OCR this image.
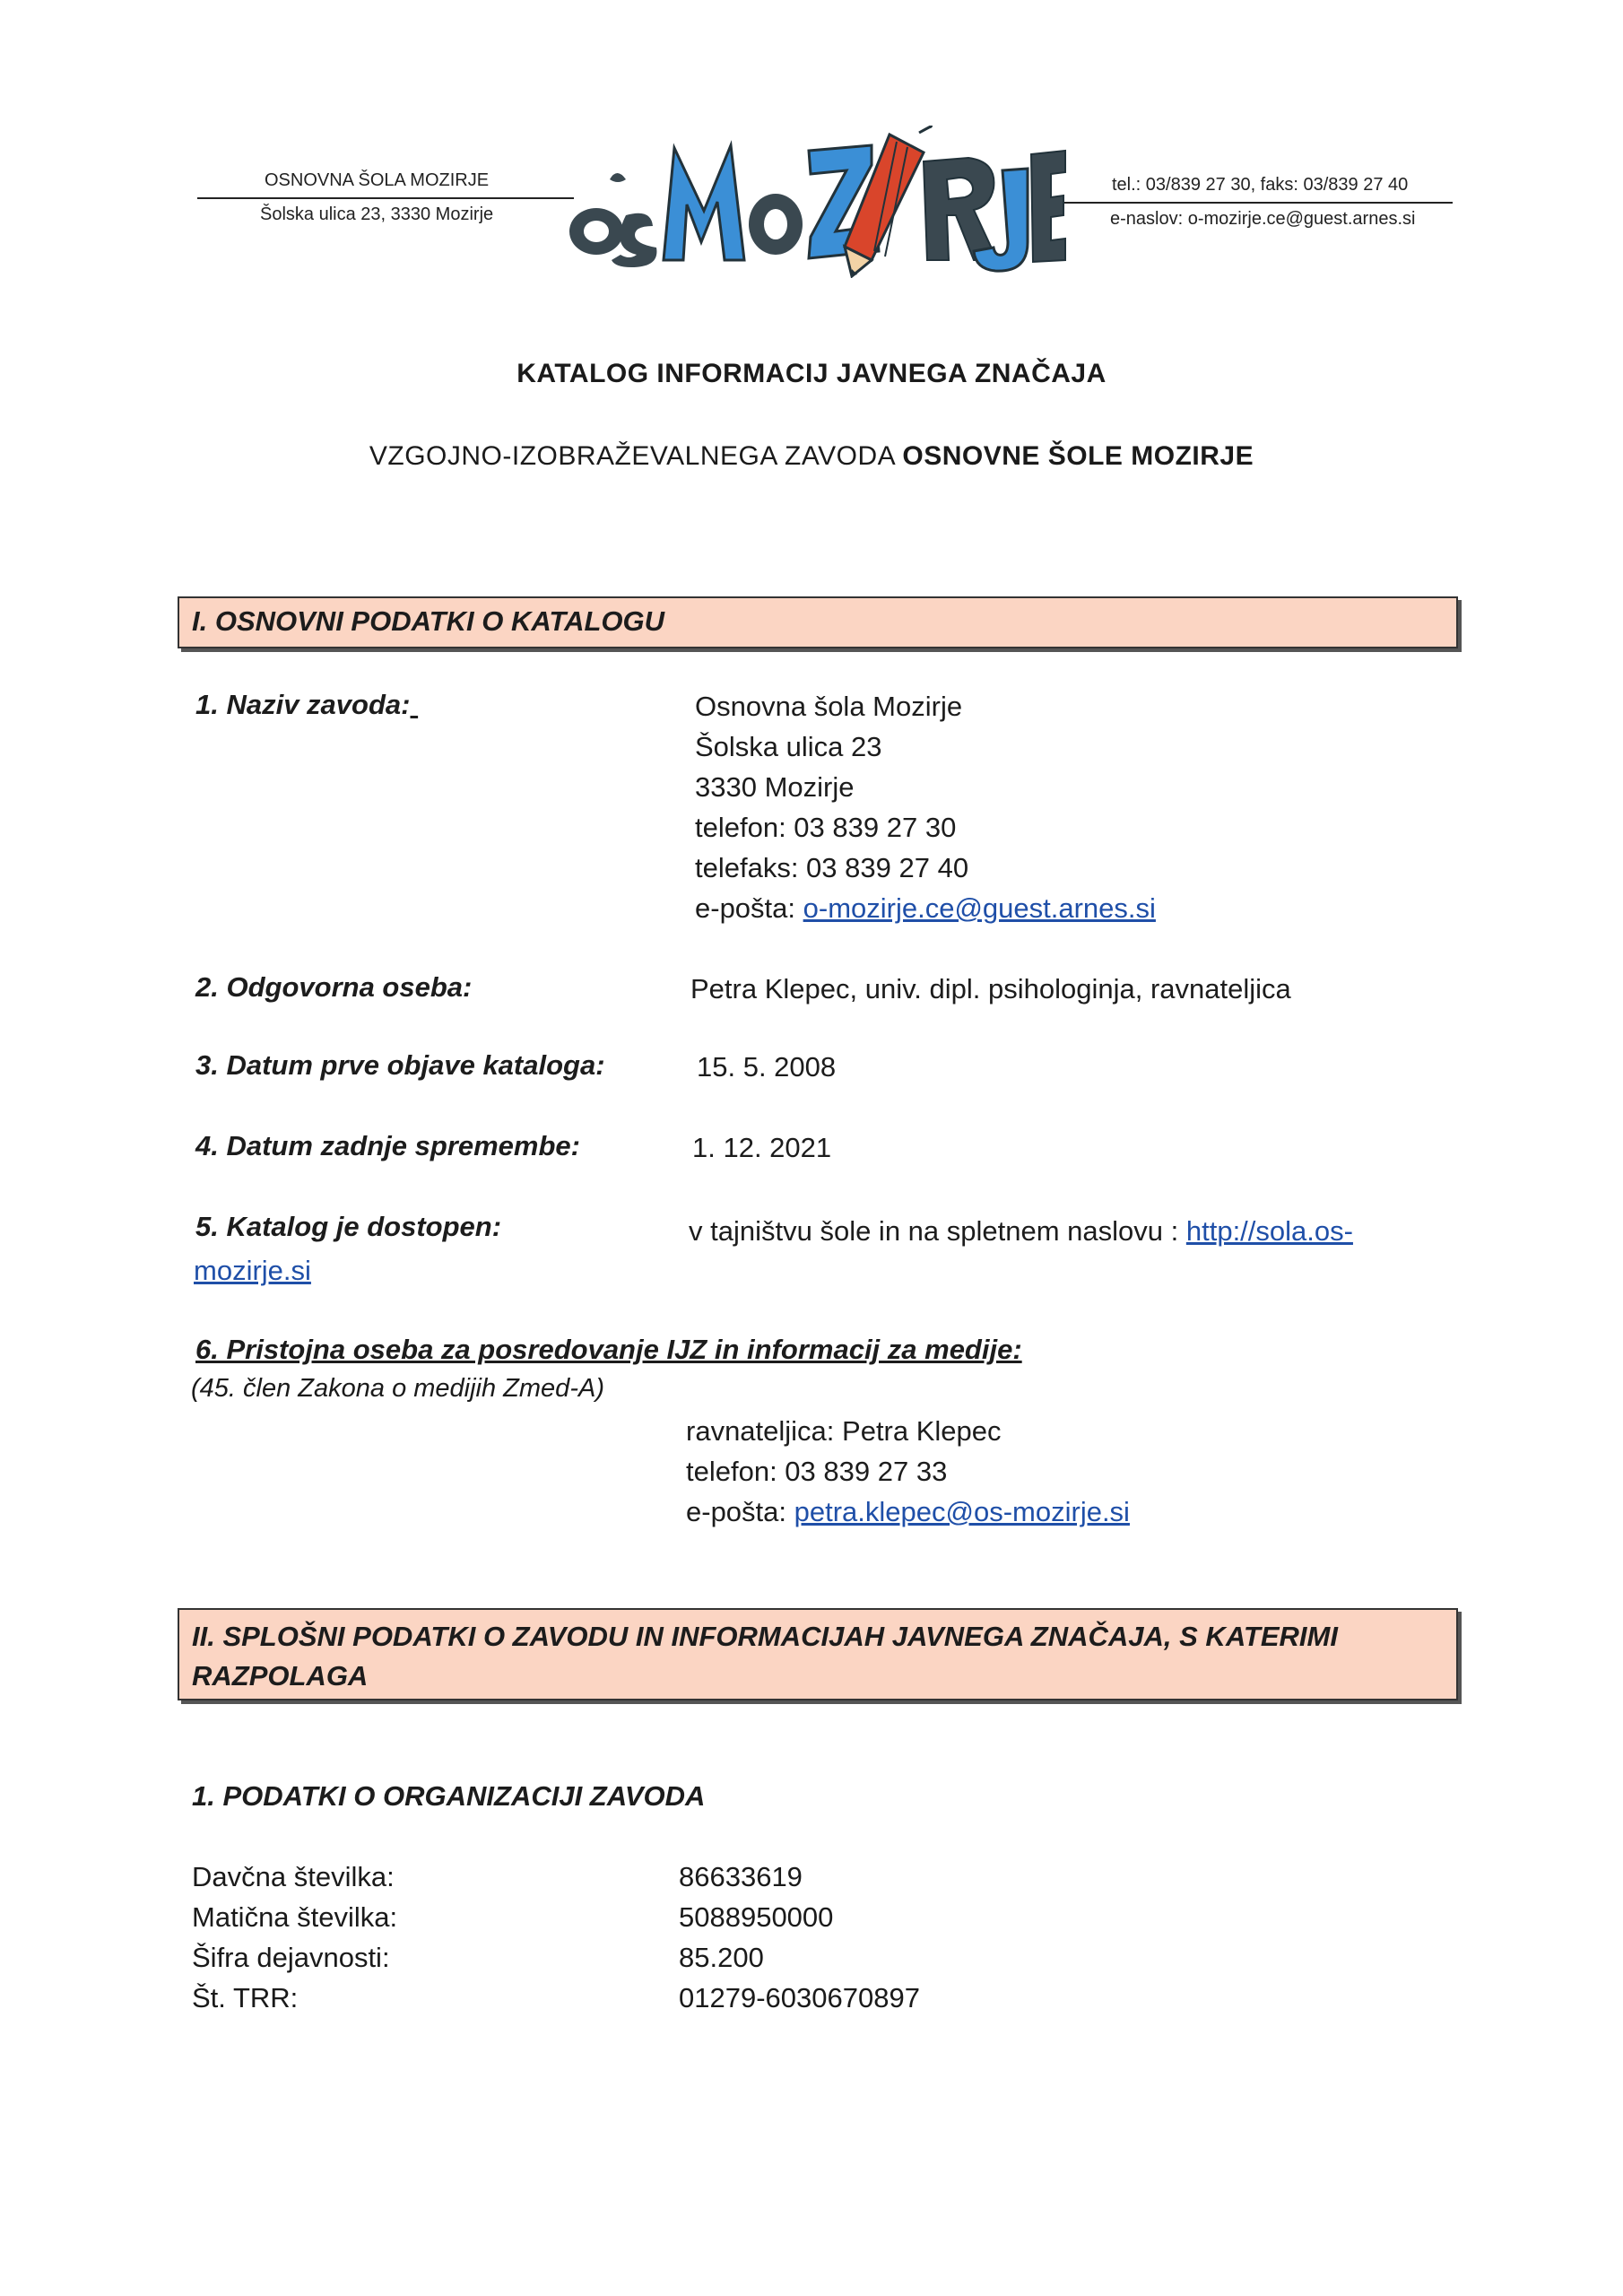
OSNOVNA ŠOLA MOZIRJE
Šolska ulica 23, 3330 Mozirje
tel.: 03/839 27 30, faks: 03/839 27 40
e-naslov: o-mozirje.ce@guest.arnes.si
KATALOG INFORMACIJ JAVNEGA ZNAČAJA
VZGOJNO-IZOBRAŽEVALNEGA ZAVODA OSNOVNE ŠOLE MOZIRJE
I. OSNOVNI PODATKI O KATALOGU
1. Naziv zavoda:	Osnovna šola Mozirje
Šolska ulica 23
3330 Mozirje
telefon: 03 839 27 30
telefaks: 03 839 27 40
e-pošta: o-mozirje.ce@guest.arnes.si
2. Odgovorna oseba:	Petra Klepec, univ. dipl. psihologinja, ravnateljica
3. Datum prve objave kataloga:	15. 5. 2008
4. Datum zadnje spremembe:	1. 12. 2021
5. Katalog je dostopen:	v tajništvu šole in na spletnem naslovu : http://sola.os-
mozirje.si
6. Pristojna oseba za posredovanje IJZ in informacij za medije:
(45. člen Zakona o medijih Zmed-A)
ravnateljica: Petra Klepec
telefon: 03 839 27 33
e-pošta: petra.klepec@os-mozirje.si
II. SPLOŠNI PODATKI O ZAVODU IN INFORMACIJAH JAVNEGA ZNAČAJA, S KATERIMI
RAZPOLAGA
1. PODATKI O ORGANIZACIJI ZAVODA
Davčna številka:	86633619
Matična številka:	5088950000
Šifra dejavnosti:	85.200
Št. TRR:	01279-6030670897
